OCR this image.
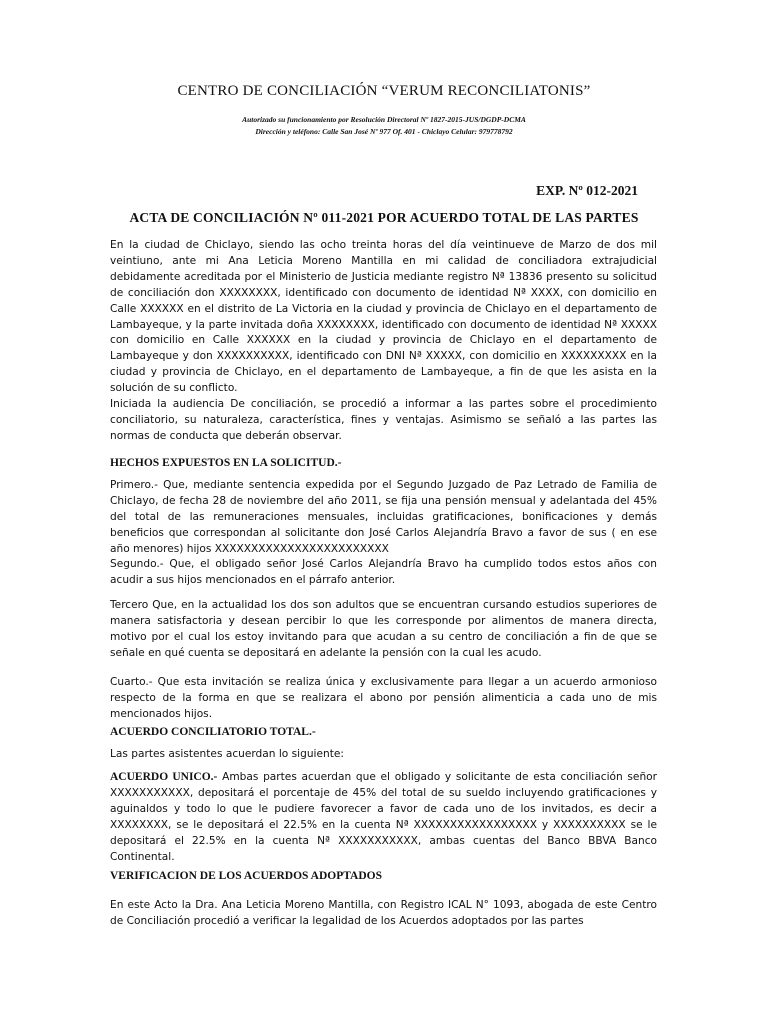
CENTRO DE CONCILIACIÓN “VERUM RECONCILIATONIS”
Autorizado su funcionamiento por Resolución Directoral Nº 1827-2015-JUS/DGDP-DCMA
Dirección y teléfono: Calle San José Nº 977 Of. 401 - Chiclayo Celular: 979778792
EXP. Nº 012-2021
ACTA DE CONCILIACIÓN Nº 011-2021 POR ACUERDO TOTAL DE LAS PARTES

En la ciudad de Chiclayo, siendo las ocho treinta horas del día veintinueve de Marzo de dos mil veintiuno, ante mi Ana Leticia Moreno Mantilla en mi calidad de conciliadora extrajudicial debidamente acreditada por el Ministerio de Justicia mediante registro Nª 13836 presento su solicitud de conciliación don XXXXXXXX, identificado con documento de identidad Nª XXXX, con domicilio en Calle XXXXXX en el distrito de La Victoria en la ciudad y provincia de Chiclayo en el departamento de Lambayeque, y la parte invitada doña XXXXXXXX, identificado con documento de identidad Nª XXXXX con domicilio en Calle XXXXXX en la ciudad y provincia de Chiclayo en el departamento de Lambayeque y don XXXXXXXXXX, identificado con DNI Nª XXXXX, con domicilio en XXXXXXXXX en la ciudad y provincia de Chiclayo, en el departamento de Lambayeque, a fin de que les asista en la solución de su conflicto.

Iniciada la audiencia De conciliación, se procedió a informar a las partes sobre el procedimiento conciliatorio, su naturaleza, característica, fines y ventajas. Asimismo se señaló a las partes las normas de conducta que deberán observar.

HECHOS EXPUESTOS EN LA SOLICITUD.-

Primero.- Que, mediante sentencia expedida por el Segundo Juzgado de Paz Letrado de Familia de Chiclayo, de fecha 28 de noviembre del año 2011, se fija una pensión mensual y adelantada del 45% del total de las remuneraciones mensuales, incluidas gratificaciones, bonificaciones y demás beneficios que correspondan al solicitante don José Carlos Alejandría Bravo a favor de sus ( en ese año menores) hijos XXXXXXXXXXXXXXXXXXXXXXXX

Segundo.- Que, el obligado señor José Carlos Alejandría Bravo ha cumplido todos estos años con acudir a sus hijos mencionados en el párrafo anterior.

Tercero Que, en la actualidad los dos son adultos que se encuentran cursando estudios superiores de manera satisfactoria y desean percibir lo que les corresponde por alimentos de manera directa, motivo por el cual los estoy invitando para que acudan a su centro de conciliación a fin de que se señale en qué cuenta se depositará en adelante la pensión con la cual les acudo.

Cuarto.- Que esta invitación se realiza única y exclusivamente para llegar a un acuerdo armonioso respecto de la forma en que se realizara el abono por pensión alimenticia a cada uno de mis mencionados hijos.

ACUERDO CONCILIATORIO TOTAL.-

Las partes asistentes acuerdan lo siguiente:

ACUERDO UNICO.- Ambas partes acuerdan que el obligado y solicitante de esta conciliación señor XXXXXXXXXXX, depositará el porcentaje de 45% del total de su sueldo incluyendo gratificaciones y aguinaldos y todo lo que le pudiere favorecer a favor de cada uno de los invitados, es decir a XXXXXXXX, se le depositará el 22.5% en la cuenta Nª XXXXXXXXXXXXXXXXX y XXXXXXXXXX se le depositará el 22.5% en la cuenta Nª XXXXXXXXXXX, ambas cuentas del Banco BBVA Banco Continental.

VERIFICACION DE LOS ACUERDOS ADOPTADOS

En este Acto la Dra. Ana Leticia Moreno Mantilla, con Registro ICAL N° 1093, abogada de este Centro de Conciliación procedió a verificar la legalidad de los Acuerdos adoptados por las partes
